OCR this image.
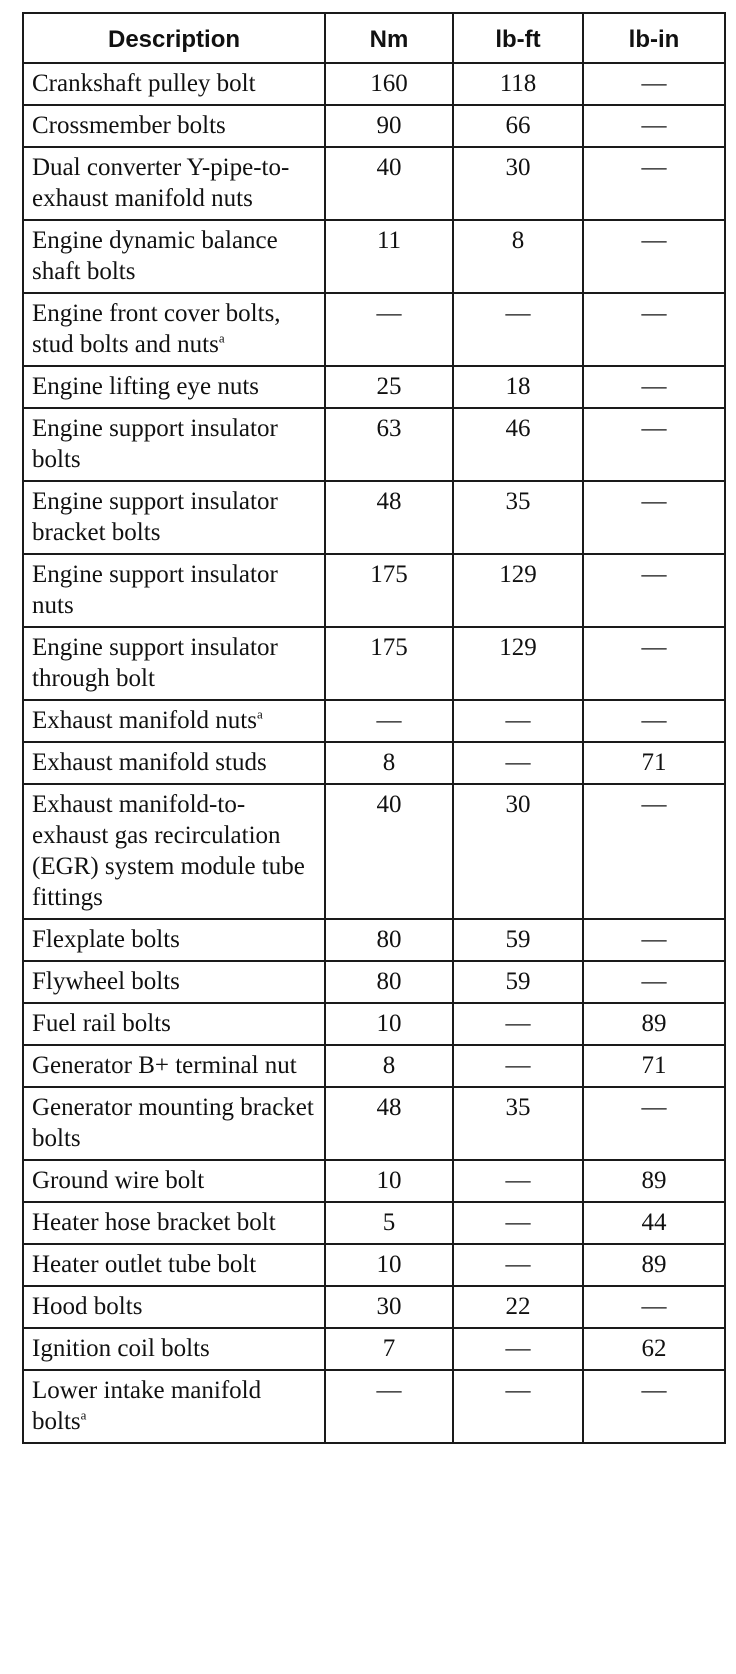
Description	Nm	lb-ft	lb-in
Crankshaft pulley bolt	160	118	—
Crossmember bolts	90	66	—
Dual converter Y-pipe-to-exhaust manifold nuts	40	30	—
Engine dynamic balance shaft bolts	11	8	—
Engine front cover bolts, stud bolts and nuts$^a$	—	—	—
Engine lifting eye nuts	25	18	—
Engine support insulator bolts	63	46	—
Engine support insulator bracket bolts	48	35	—
Engine support insulator nuts	175	129	—
Engine support insulator through bolt	175	129	—
Exhaust manifold nuts$^a$	—	—	—
Exhaust manifold studs	8	—	71
Exhaust manifold-to-exhaust gas recirculation (EGR) system module tube fittings	40	30	—
Flexplate bolts	80	59	—
Flywheel bolts	80	59	—
Fuel rail bolts	10	—	89
Generator B+ terminal nut	8	—	71
Generator mounting bracket bolts	48	35	—
Ground wire bolt	10	—	89
Heater hose bracket bolt	5	—	44
Heater outlet tube bolt	10	—	89
Hood bolts	30	22	—
Ignition coil bolts	7	—	62
Lower intake manifold bolts$^a$	—	—	—
